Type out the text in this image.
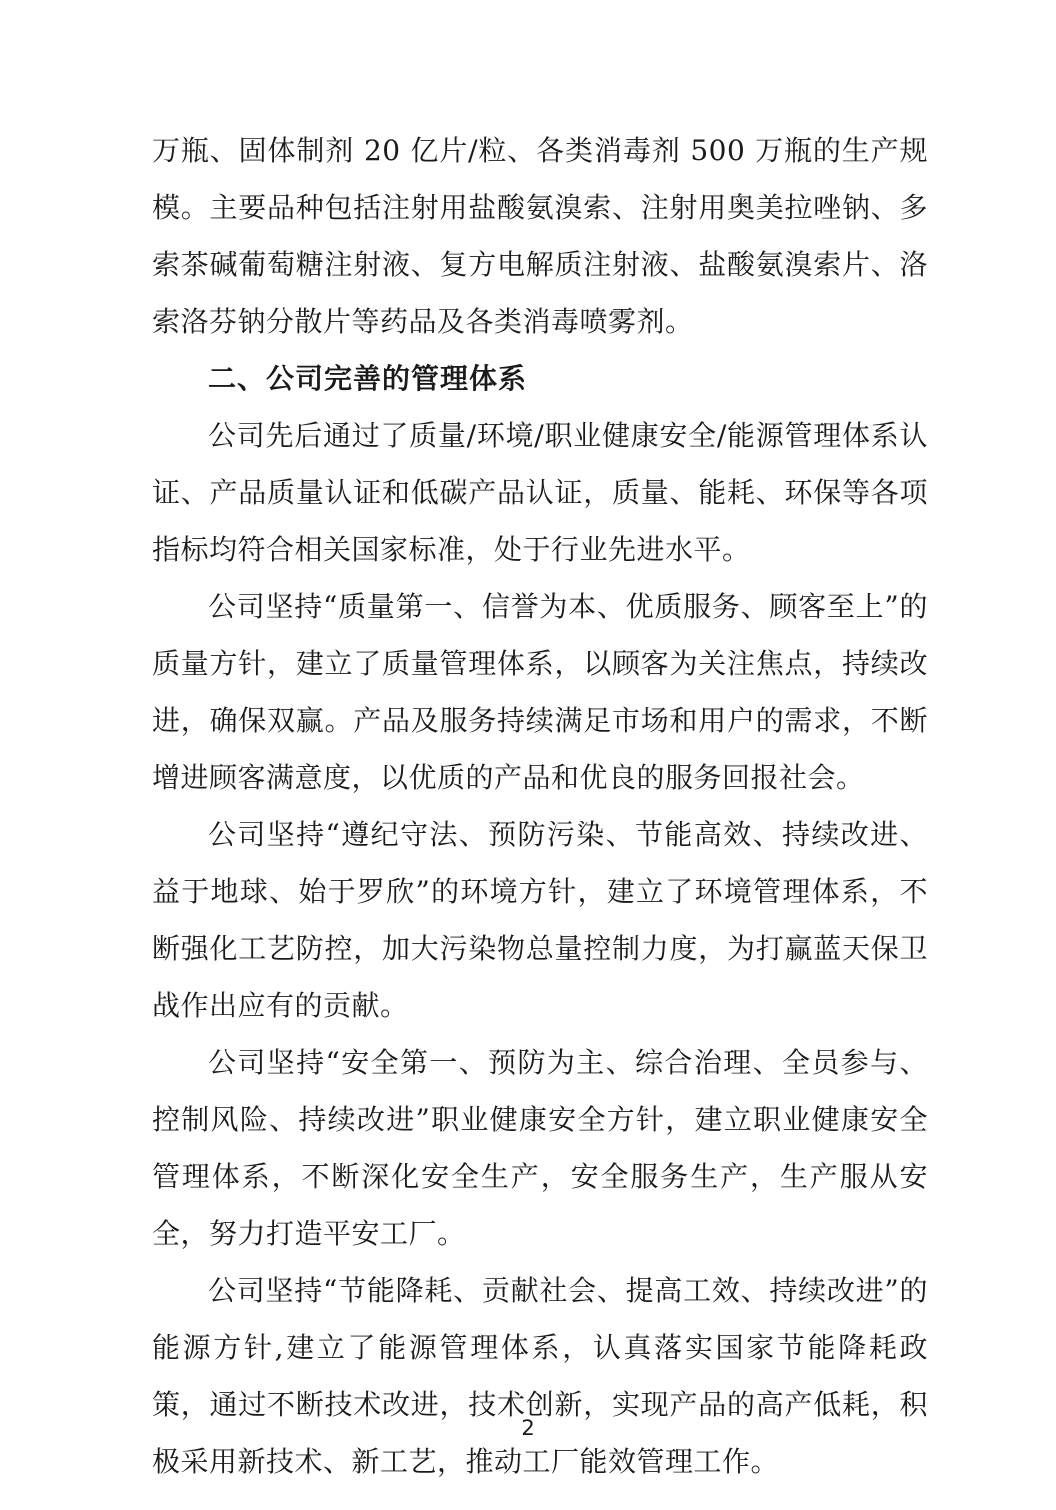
万瓶、固体制剂 20 亿片/粒、各类消毒剂 500 万瓶的生产规模。主要品种包括注射用盐酸氨溴索、注射用奥美拉唑钠、多索茶碱葡萄糖注射液、复方电解质注射液、盐酸氨溴索片、洛索洛芬钠分散片等药品及各类消毒喷雾剂。

二、公司完善的管理体系

公司先后通过了质量/环境/职业健康安全/能源管理体系认证、产品质量认证和低碳产品认证，质量、能耗、环保等各项指标均符合相关国家标准，处于行业先进水平。

公司坚持“质量第一、信誉为本、优质服务、顾客至上”的质量方针，建立了质量管理体系，以顾客为关注焦点，持续改进，确保双赢。产品及服务持续满足市场和用户的需求，不断增进顾客满意度，以优质的产品和优良的服务回报社会。

公司坚持“遵纪守法、预防污染、节能高效、持续改进、益于地球、始于罗欣”的环境方针，建立了环境管理体系，不断强化工艺防控，加大污染物总量控制力度，为打赢蓝天保卫战作出应有的贡献。

公司坚持“安全第一、预防为主、综合治理、全员参与、控制风险、持续改进”职业健康安全方针，建立职业健康安全管理体系，不断深化安全生产，安全服务生产，生产服从安全，努力打造平安工厂。

公司坚持“节能降耗、贡献社会、提高工效、持续改进”的能源方针,建立了能源管理体系，认真落实国家节能降耗政策，通过不断技术改进，技术创新，实现产品的高产低耗，积极采用新技术、新工艺，推动工厂能效管理工作。

2
